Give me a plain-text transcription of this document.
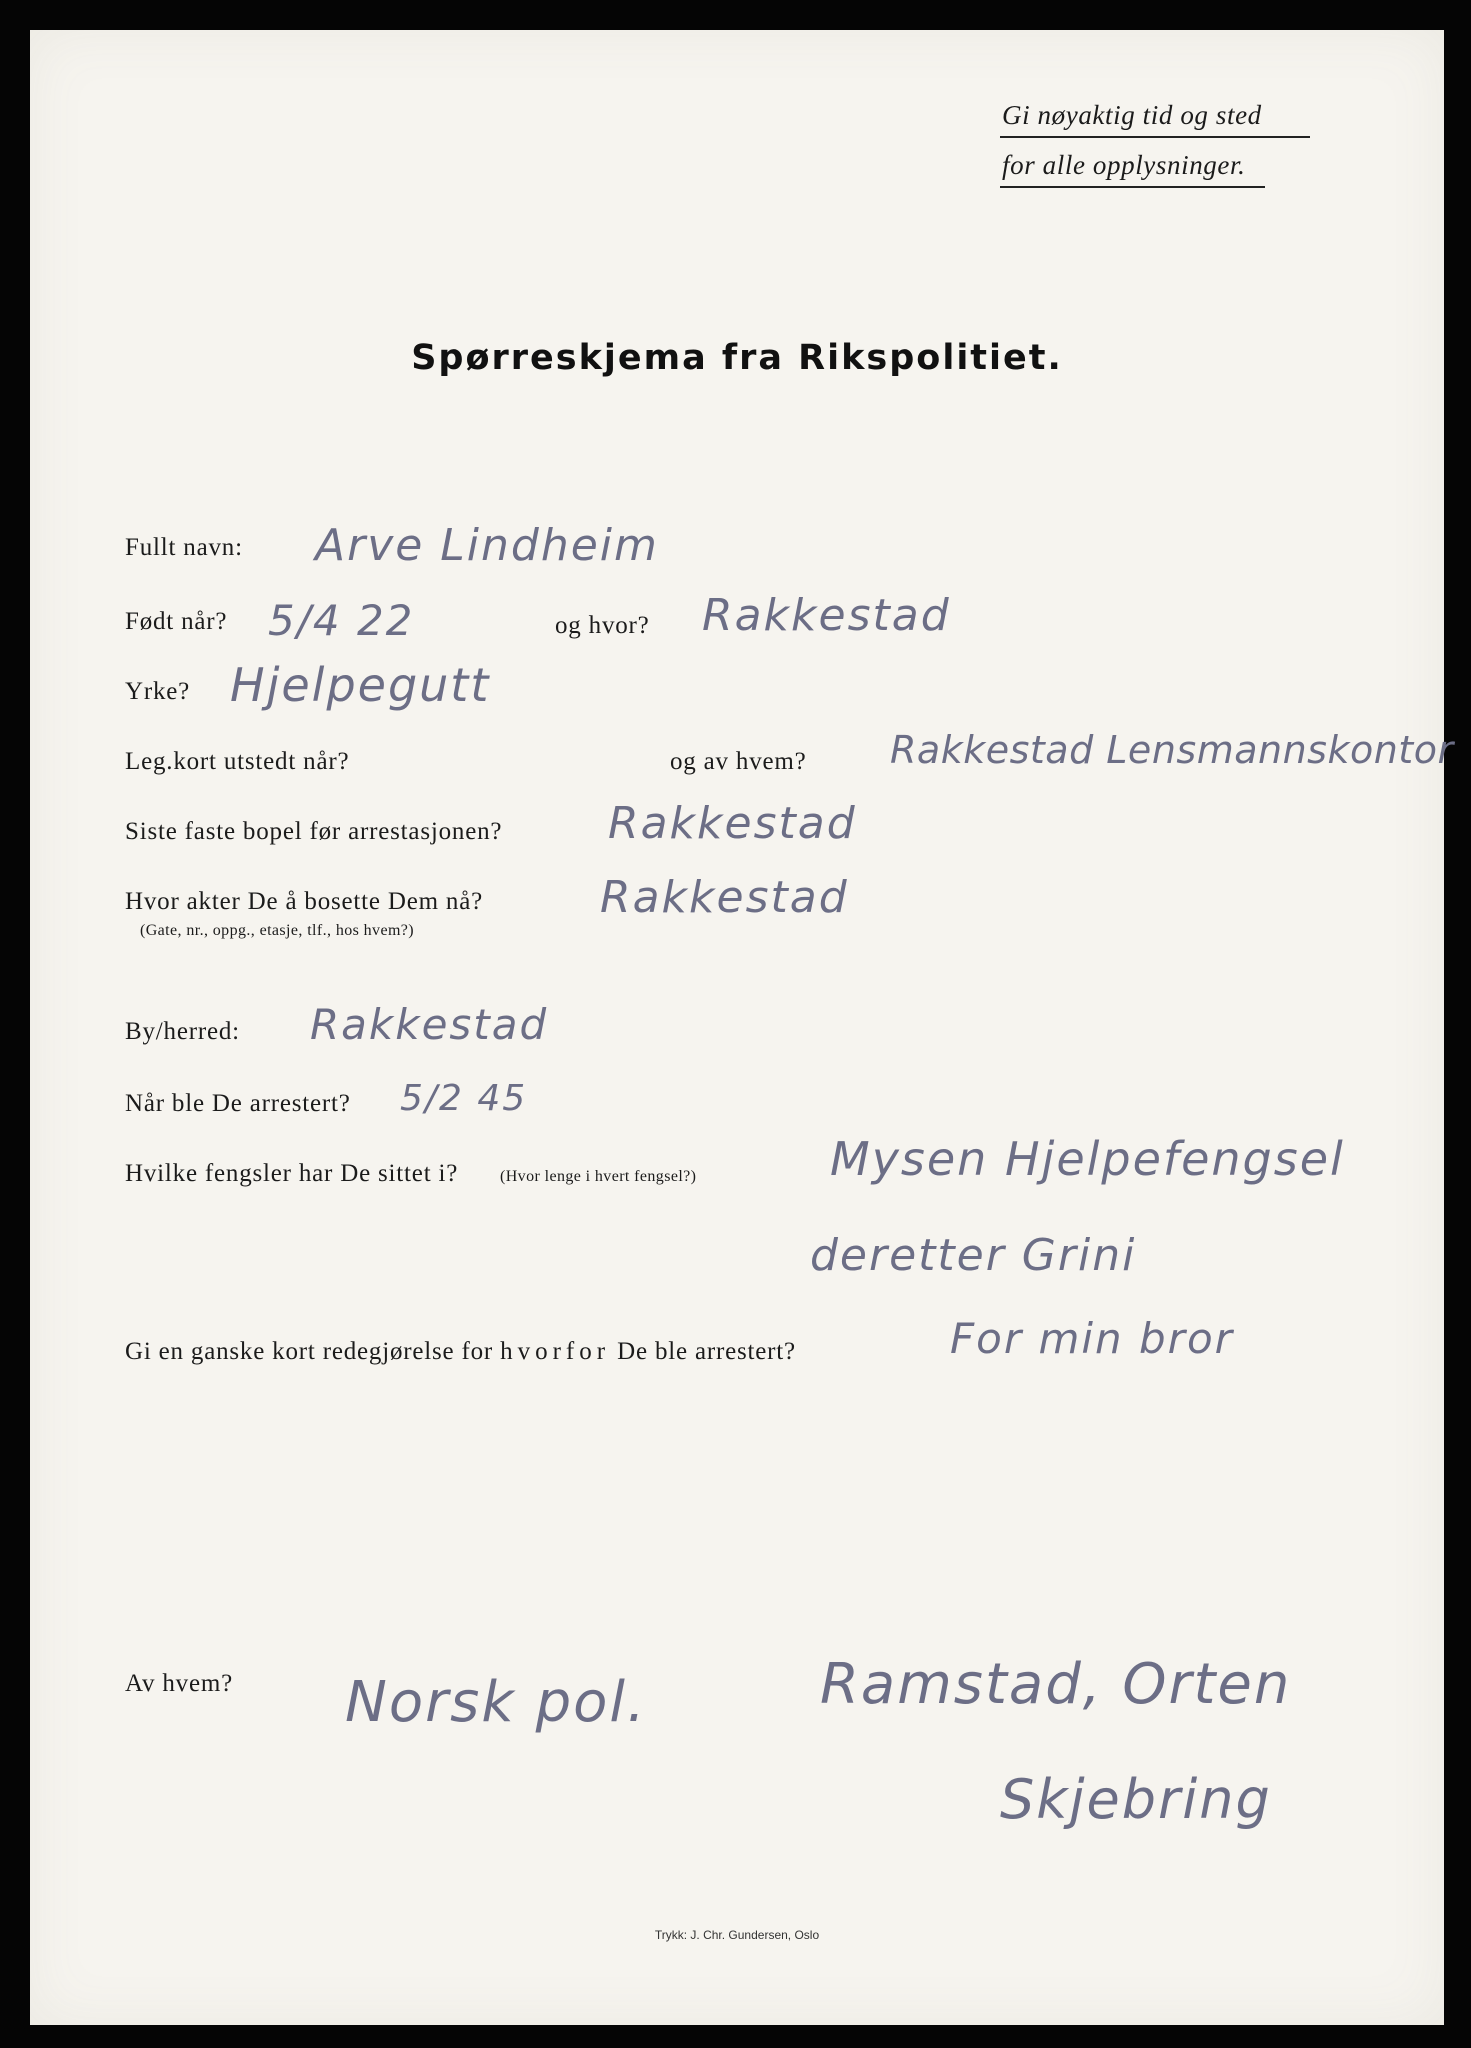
Gi nøyaktig tid og sted
for alle opplysninger.
Spørreskjema fra Rikspolitiet.
Fullt navn: Arve Lindheim
Født når? 5/4 22	og hvor? Rakkestad
Yrke? Hjelpegutt
Leg.kort utstedt når?	og av hvem? Rakkestad Lensmannskontor
Siste faste bopel før arrestasjonen? Rakkestad
Hvor akter De å bosette Dem nå?
(Gate, nr., oppg., etasje, tlf., hos hvem?)
Rakkestad
By/herred: Rakkestad
Når ble De arrestert? 5/2 45
Hvilke fengsler har De sittet i?	(Hvor lenge i hvert fengsel?)	Mysen Hjelpefengsel
deretter Grini
Gi en ganske kort redegjørelse for hvorfor De ble arrestert?	For min bror
Av hvem? Norsk pol.	Ramstad, Orten
Skjebring
Trykk: J. Chr. Gundersen, Oslo
